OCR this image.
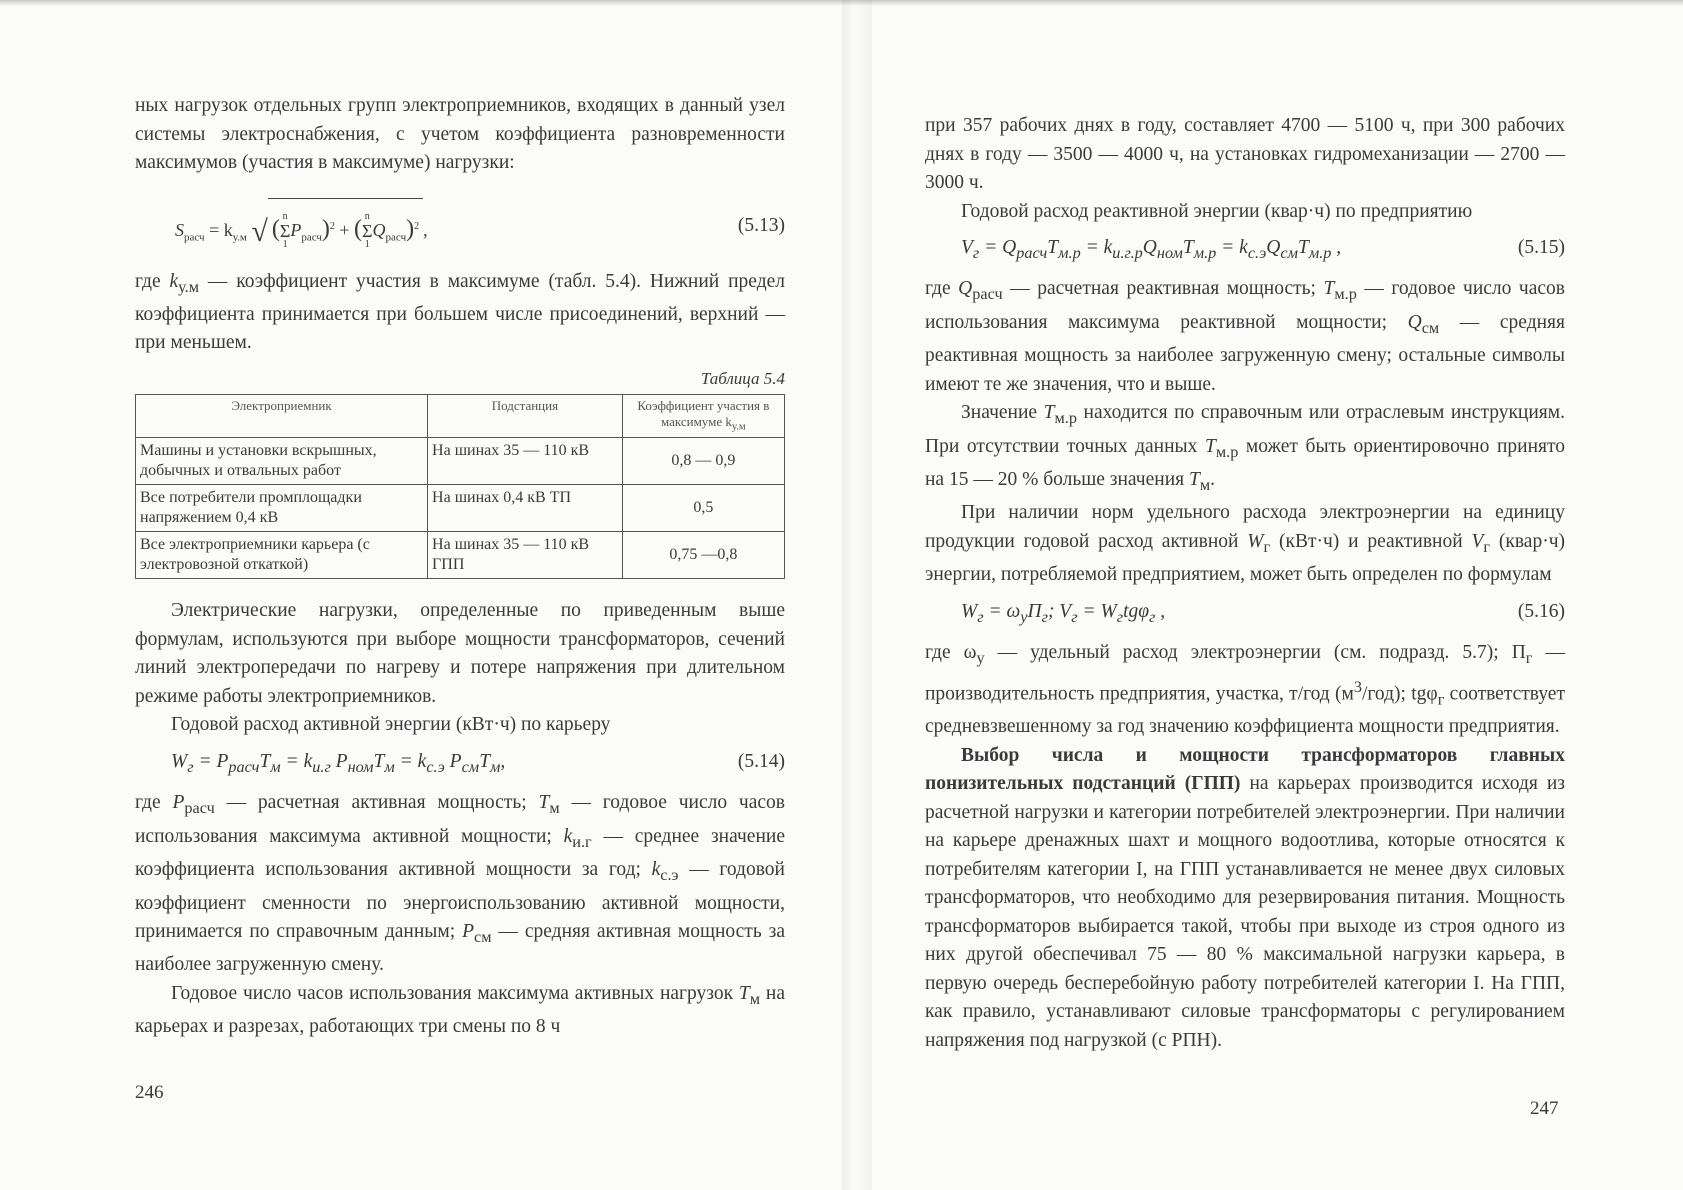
ных нагрузок отдельных групп электроприемников, входящих в данный узел системы электроснабжения, с учетом коэффициента разновременности максимумов (участия в максимуме) нагрузки:

$S_{расч} = k_{у.м}$ √ ( n
Σ
$1P_{расч})^2$ + ( n
Σ
$1Q_{расч})^2$ ,	(5.13)

где $k_{у.м}$ — коэффициент участия в максимуме (табл. 5.4). Нижний предел коэффициента принимается при большем числе присоединений, верхний — при меньшем.

Таблица 5.4
Электроприемник	Подстанция	Коэффициент участия в максимуме $k_{у.м}$
Машины и установки вскрышных, добычных и отвальных работ	На шинах 35 — 110 кВ	0,8 — 0,9
Все потребители промплощадки напряжением 0,4 кВ	На шинах 0,4 кВ ТП	0,5
Все электроприемники карьера (с электровозной откаткой)	На шинах 35 — 110 кВ ГПП	0,75 —0,8

Электрические нагрузки, определенные по приведенным выше формулам, используются при выборе мощности трансформаторов, сечений линий электропередачи по нагреву и потере напряжения при длительном режиме работы электроприемников.

Годовой расход активной энергии (кВт·ч) по карьеру

$W_г = P_{расч}T_м = k_{и.г}$ $P_{ном}T_м = k_{с.э}$ $P_{см}T_м$,	(5.14)

где $P_{расч}$ — расчетная активная мощность; $T_м$ — годовое число часов использования максимума активной мощности; $k_{и.г}$ — среднее значение коэффициента использования активной мощности за год; $k_{с.э}$ — годовой коэффициент сменности по энергоиспользованию активной мощности, принимается по справочным данным; $P_{см}$ — средняя активная мощность за наиболее загруженную смену.

Годовое число часов использования максимума активных нагрузок $T_м$ на карьерах и разрезах, работающих три смены по 8 ч

246

при 357 рабочих днях в году, составляет 4700 — 5100 ч, при 300 рабочих днях в году — 3500 — 4000 ч, на установках гидромеханизации — 2700 — 3000 ч.

Годовой расход реактивной энергии (квар·ч) по предприятию

$V_г = Q_{расч}T_{м.р} = k_{и.г.р}Q_{ном}T_{м.р} = k_{с.э}Q_{см}T_{м.р}$ ,	(5.15)

где $Q_{расч}$ — расчетная реактивная мощность; $T_{м.р}$ — годовое число часов использования максимума реактивной мощности; $Q_{см}$ — средняя реактивная мощность за наиболее загруженную смену; остальные символы имеют те же значения, что и выше.

Значение $T_{м.р}$ находится по справочным или отраслевым инструкциям. При отсутствии точных данных $T_{м.р}$ может быть ориентировочно принято на 15 — 20 % больше значения $T_м$.

При наличии норм удельного расхода электроэнергии на единицу продукции годовой расход активной $W_г$ (кВт·ч) и реактивной $V_г$ (квар·ч) энергии, потребляемой предприятием, может быть определен по формулам

$W_г = \omega_уП_г$; $V_г = W_гtg\varphi_г$ ,	(5.16)

где $\omega_у$ — удельный расход электроэнергии (см. подразд. 5.7); $П_г$ — производительность предприятия, участка, т/год $(м^3/год)$; tgφ$_г$ соответствует средневзвешенному за год значению коэффициента мощности предприятия.

Выбор числа и мощности трансформаторов главных понизительных подстанций (ГПП) на карьерах производится исходя из расчетной нагрузки и категории потребителей электроэнергии. При наличии на карьере дренажных шахт и мощного водоотлива, которые относятся к потребителям категории I, на ГПП устанавливается не менее двух силовых трансформаторов, что необходимо для резервирования питания. Мощность трансформаторов выбирается такой, чтобы при выходе из строя одного из них другой обеспечивал 75 — 80 % максимальной нагрузки карьера, в первую очередь бесперебойную работу потребителей категории I. На ГПП, как правило, устанавливают силовые трансформаторы с регулированием напряжения под нагрузкой (с РПН).

247
